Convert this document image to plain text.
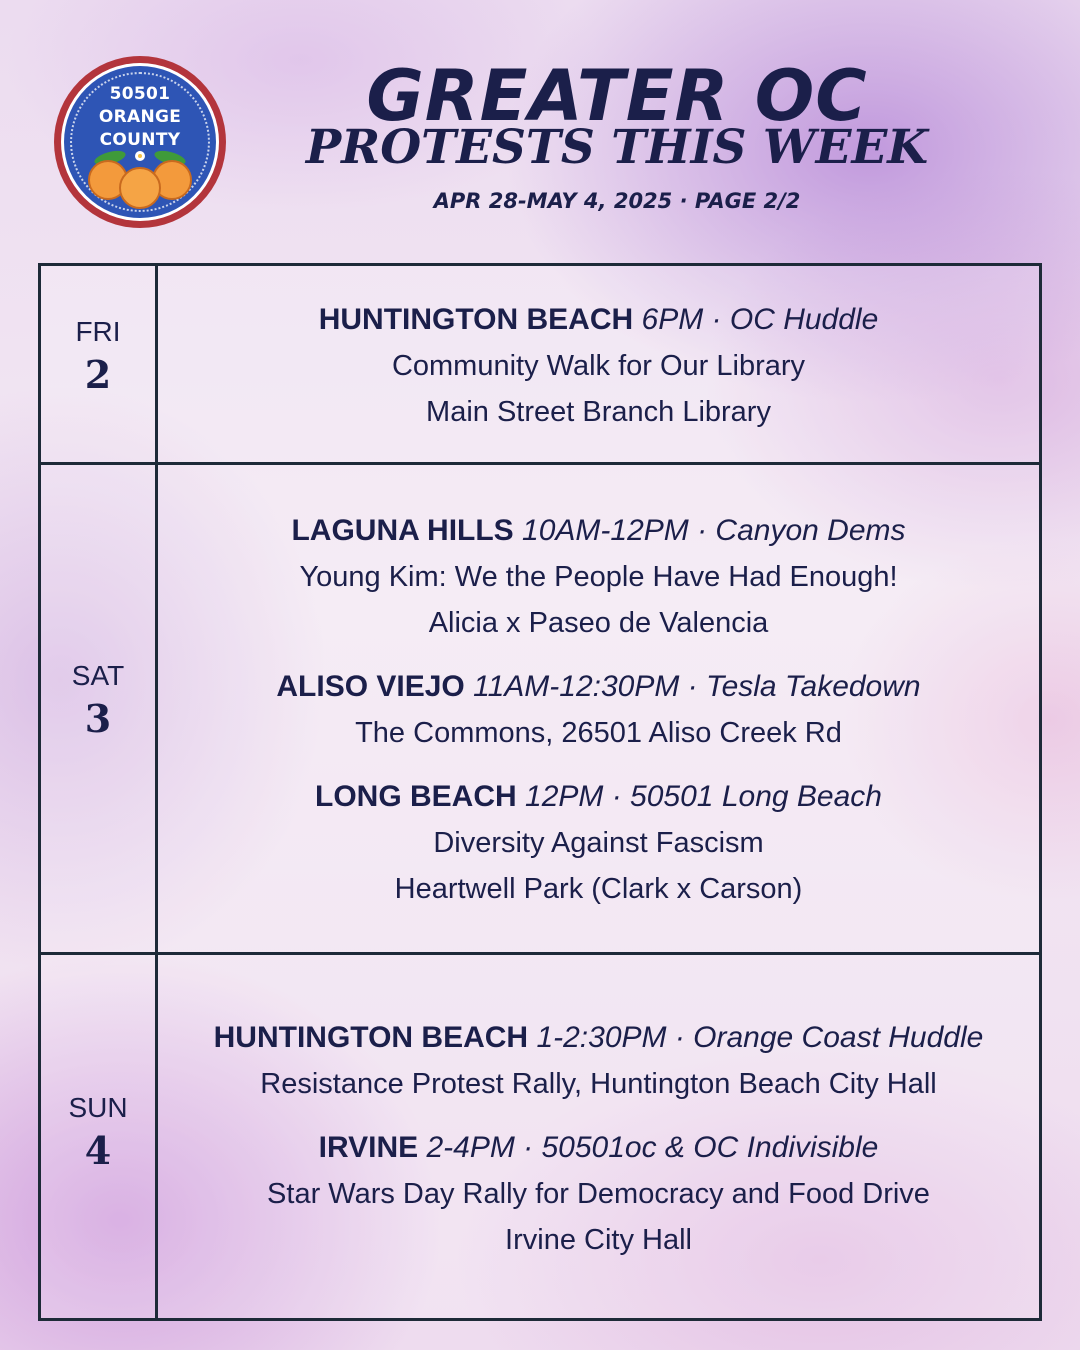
50501
ORANGE
COUNTY
GREATER OC
PROTESTS THIS WEEK
APR 28-MAY 4, 2025 · PAGE 2/2
FRI
2
HUNTINGTON BEACH 6PM · OC Huddle
Community Walk for Our Library
Main Street Branch Library
SAT
3
LAGUNA HILLS 10AM-12PM · Canyon Dems
Young Kim: We the People Have Had Enough!
Alicia x Paseo de Valencia
ALISO VIEJO 11AM-12:30PM · Tesla Takedown
The Commons, 26501 Aliso Creek Rd
LONG BEACH 12PM · 50501 Long Beach
Diversity Against Fascism
Heartwell Park (Clark x Carson)
SUN
4
HUNTINGTON BEACH 1-2:30PM · Orange Coast Huddle
Resistance Protest Rally, Huntington Beach City Hall
IRVINE 2-4PM · 50501oc & OC Indivisible
Star Wars Day Rally for Democracy and Food Drive
Irvine City Hall
